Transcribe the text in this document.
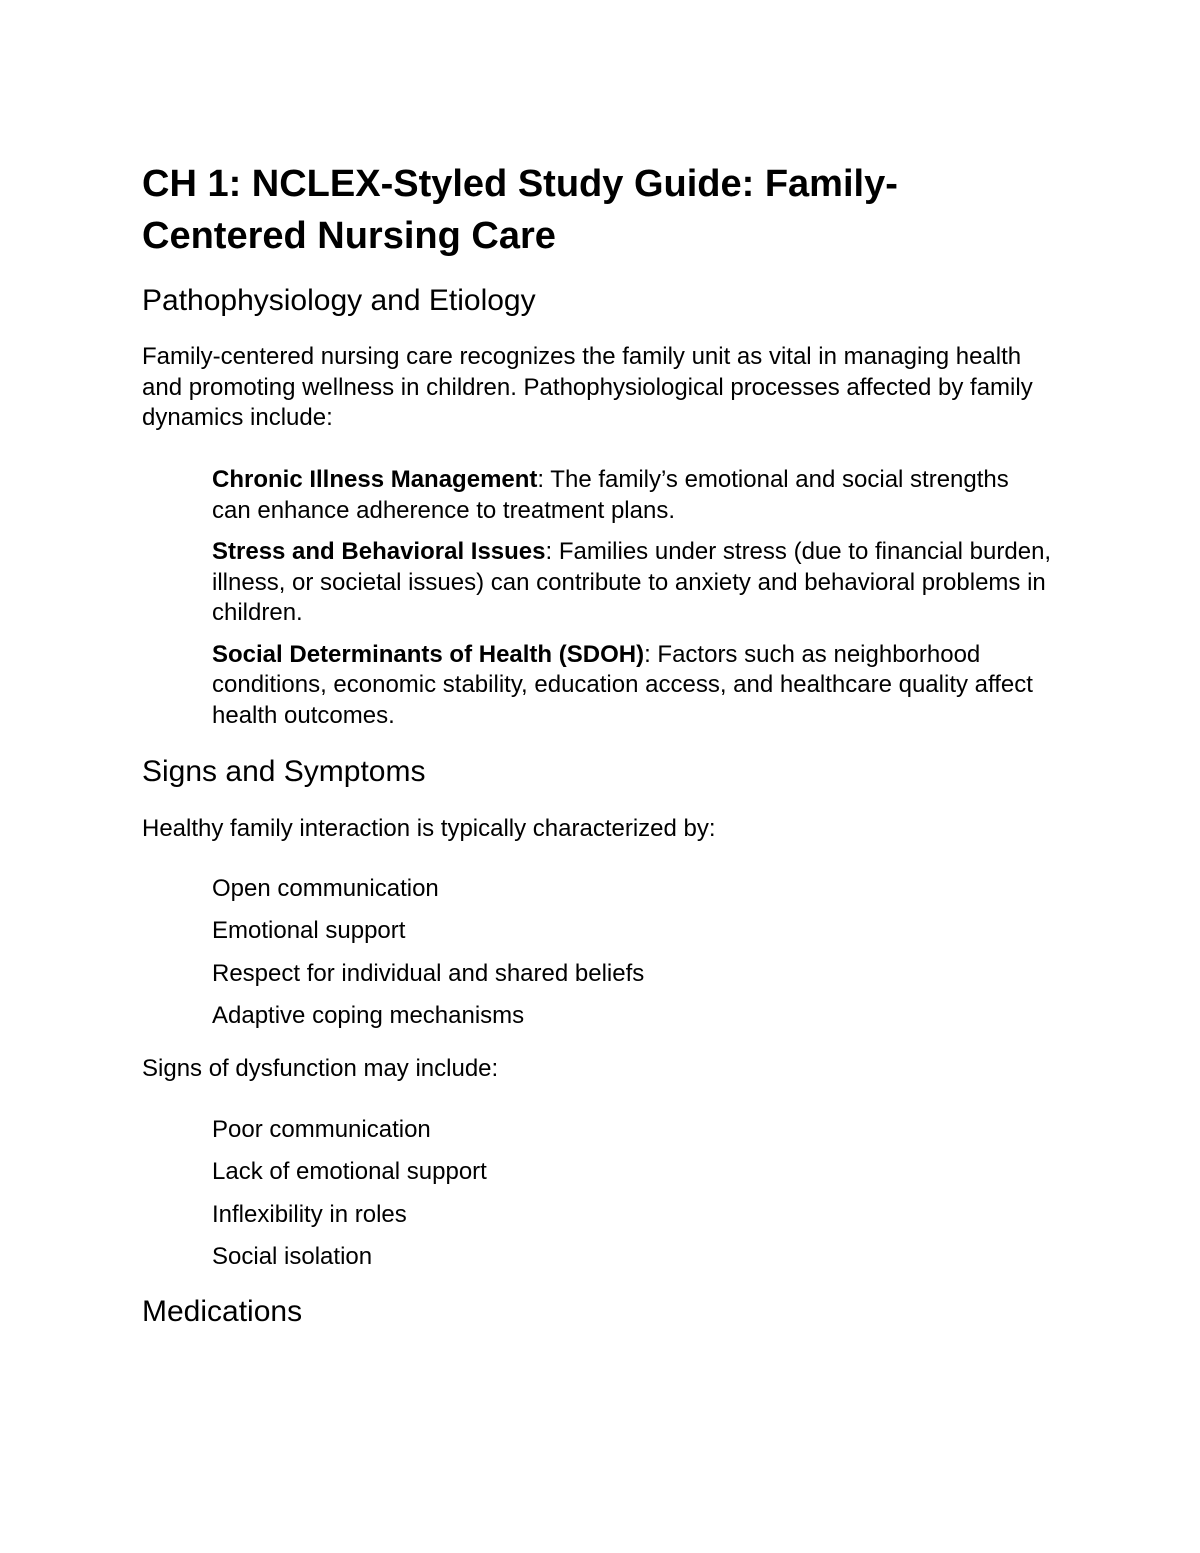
CH 1: NCLEX-Styled Study Guide: Family-Centered Nursing Care
Pathophysiology and Etiology

Family-centered nursing care recognizes the family unit as vital in managing health and promoting wellness in children. Pathophysiological processes affected by family dynamics include:

Chronic Illness Management: The family’s emotional and social strengths can enhance adherence to treatment plans.
Stress and Behavioral Issues: Families under stress (due to financial burden, illness, or societal issues) can contribute to anxiety and behavioral problems in children.
Social Determinants of Health (SDOH): Factors such as neighborhood conditions, economic stability, education access, and healthcare quality affect health outcomes.
Signs and Symptoms

Healthy family interaction is typically characterized by:

Open communication
Emotional support
Respect for individual and shared beliefs
Adaptive coping mechanisms

Signs of dysfunction may include:

Poor communication
Lack of emotional support
Inflexibility in roles
Social isolation
Medications
